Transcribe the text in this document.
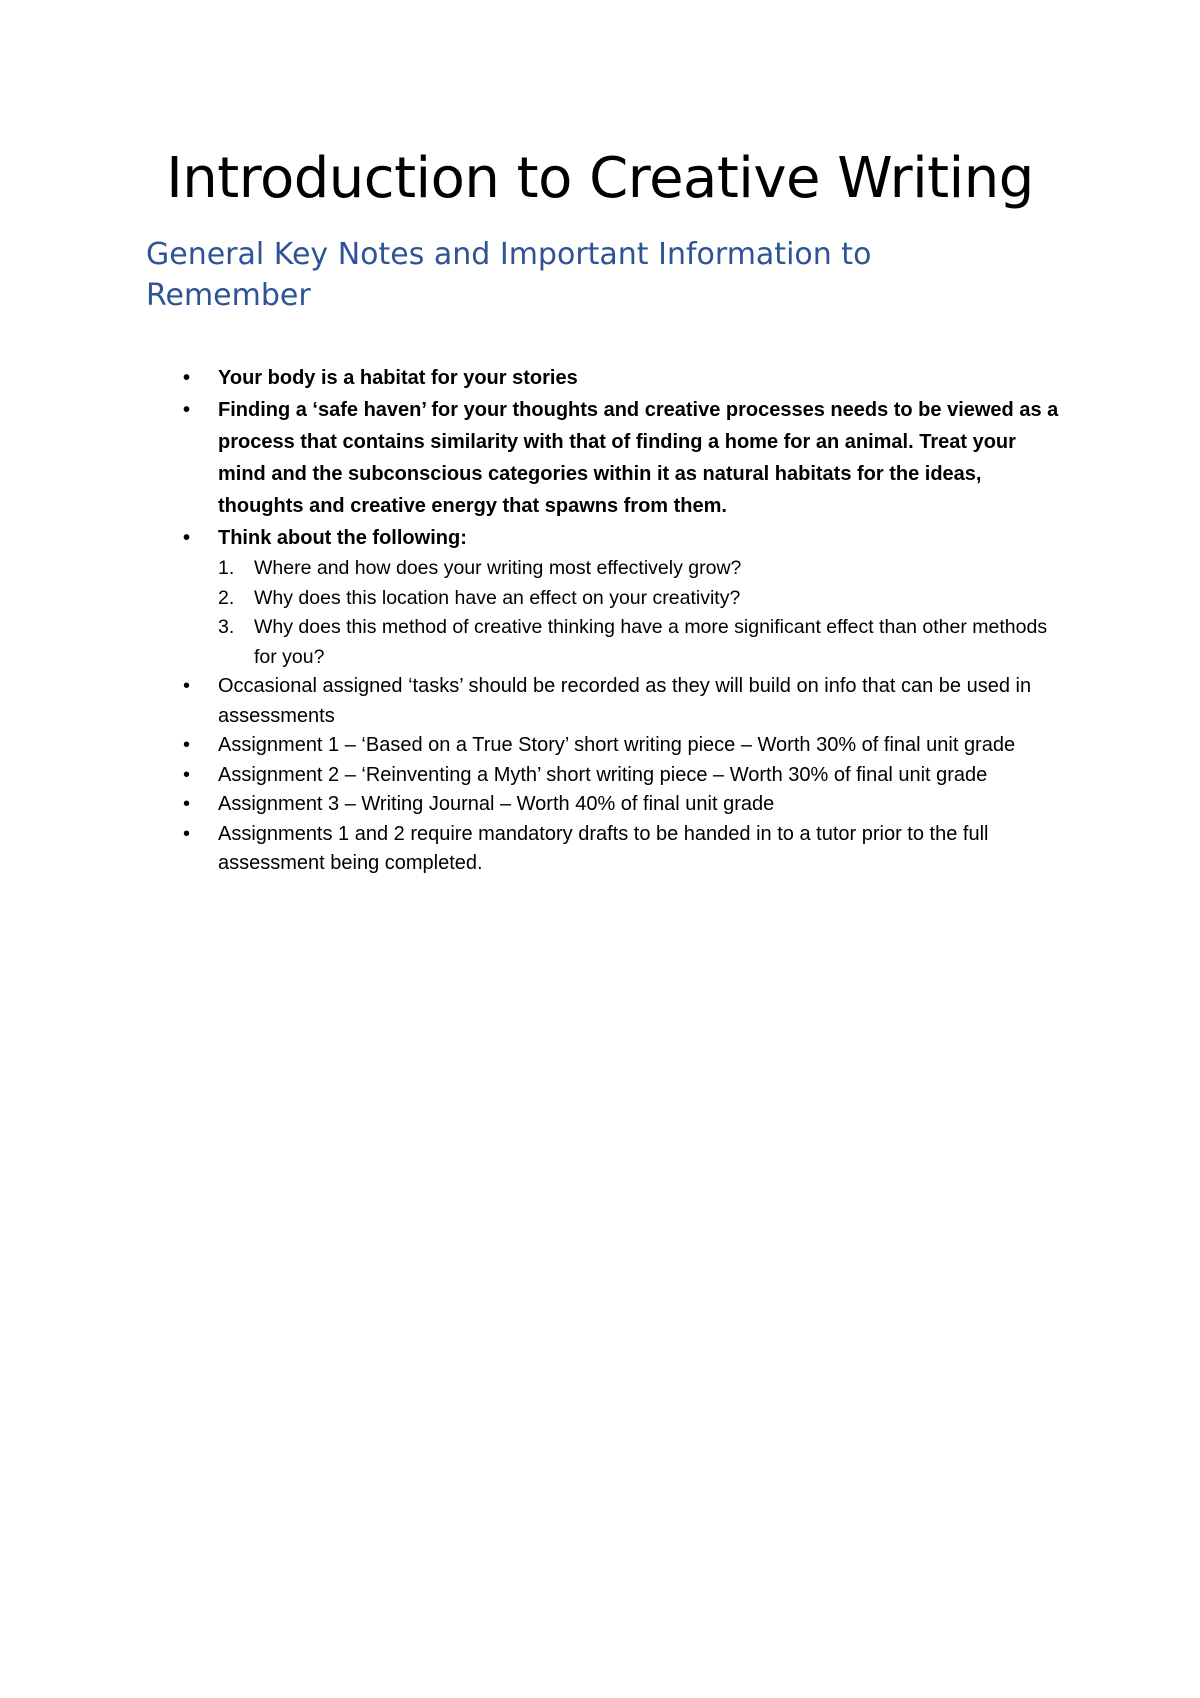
Introduction to Creative Writing
General Key Notes and Important Information to Remember
• Your body is a habitat for your stories
• Finding a ‘safe haven’ for your thoughts and creative processes needs to be viewed as a process that contains similarity with that of finding a home for an animal. Treat your mind and the subconscious categories within it as natural habitats for the ideas, thoughts and creative energy that spawns from them.
• Think about the following:
1. Where and how does your writing most effectively grow?
2. Why does this location have an effect on your creativity?
3. Why does this method of creative thinking have a more significant effect than other methods for you?
• Occasional assigned ‘tasks’ should be recorded as they will build on info that can be used in assessments
• Assignment 1 – ‘Based on a True Story’ short writing piece – Worth 30% of final unit grade
• Assignment 2 – ‘Reinventing a Myth’ short writing piece – Worth 30% of final unit grade
• Assignment 3 – Writing Journal – Worth 40% of final unit grade
• Assignments 1 and 2 require mandatory drafts to be handed in to a tutor prior to the full assessment being completed.
